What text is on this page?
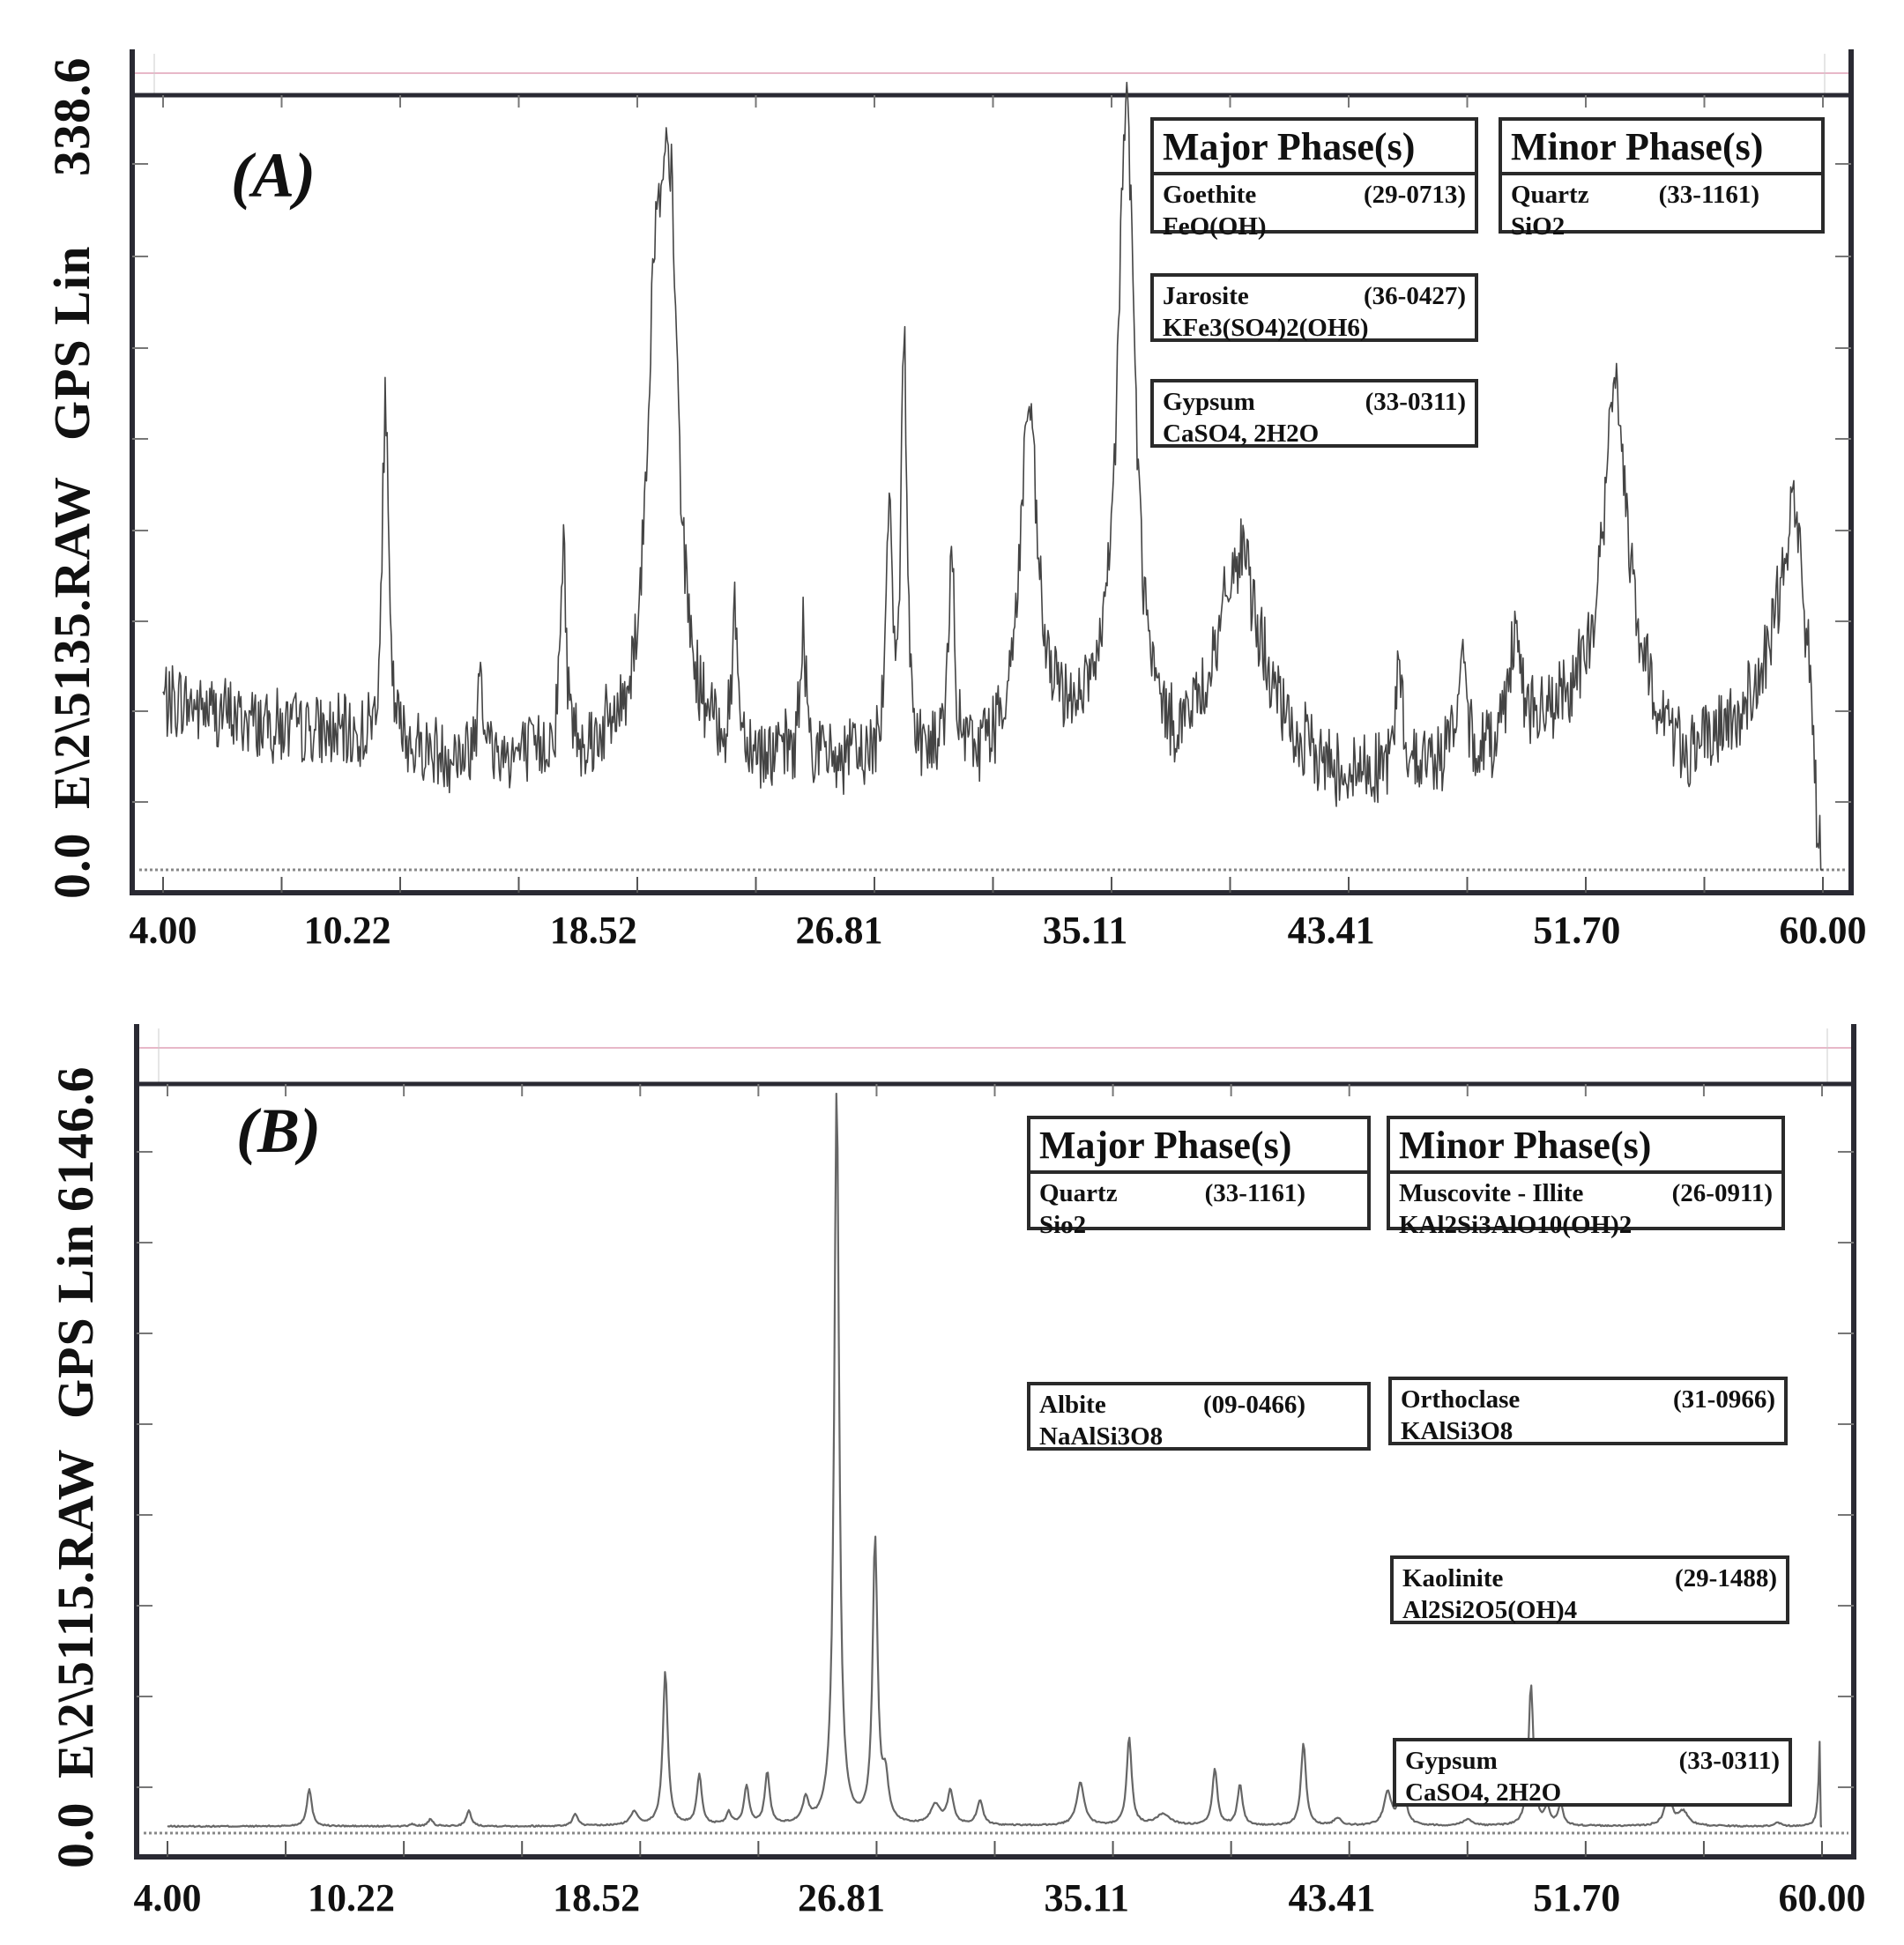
0.0
E\2\5135.RAW
GPS Lin
338.6 (A)
4.00	10.22	18.52	26.81	35.11	43.41	51.70	60.00
Major Phase(s)
Goethite	(29-0713)
FeO(OH)
Minor Phase(s)
Quartz	(33-1161)
SiO2
Jarosite	(36-0427)
KFe3(SO4)2(OH6)
Gypsum	(33-0311)
CaSO4, 2H2O
0.0
E\2\5115.RAW
GPS Lin
6146.6 (B)
4.00	10.22	18.52	26.81	35.11	43.41	51.70	60.00
Major Phase(s)
Quartz	(33-1161)
Sio2
Minor Phase(s)
Muscovite - Illite	(26-0911)
KAl2Si3AlO10(OH)2
Albite	(09-0466)
NaAlSi3O8
Orthoclase	(31-0966)
KAlSi3O8
Kaolinite	(29-1488)
Al2Si2O5(OH)4
Gypsum	(33-0311)
CaSO4, 2H2O
